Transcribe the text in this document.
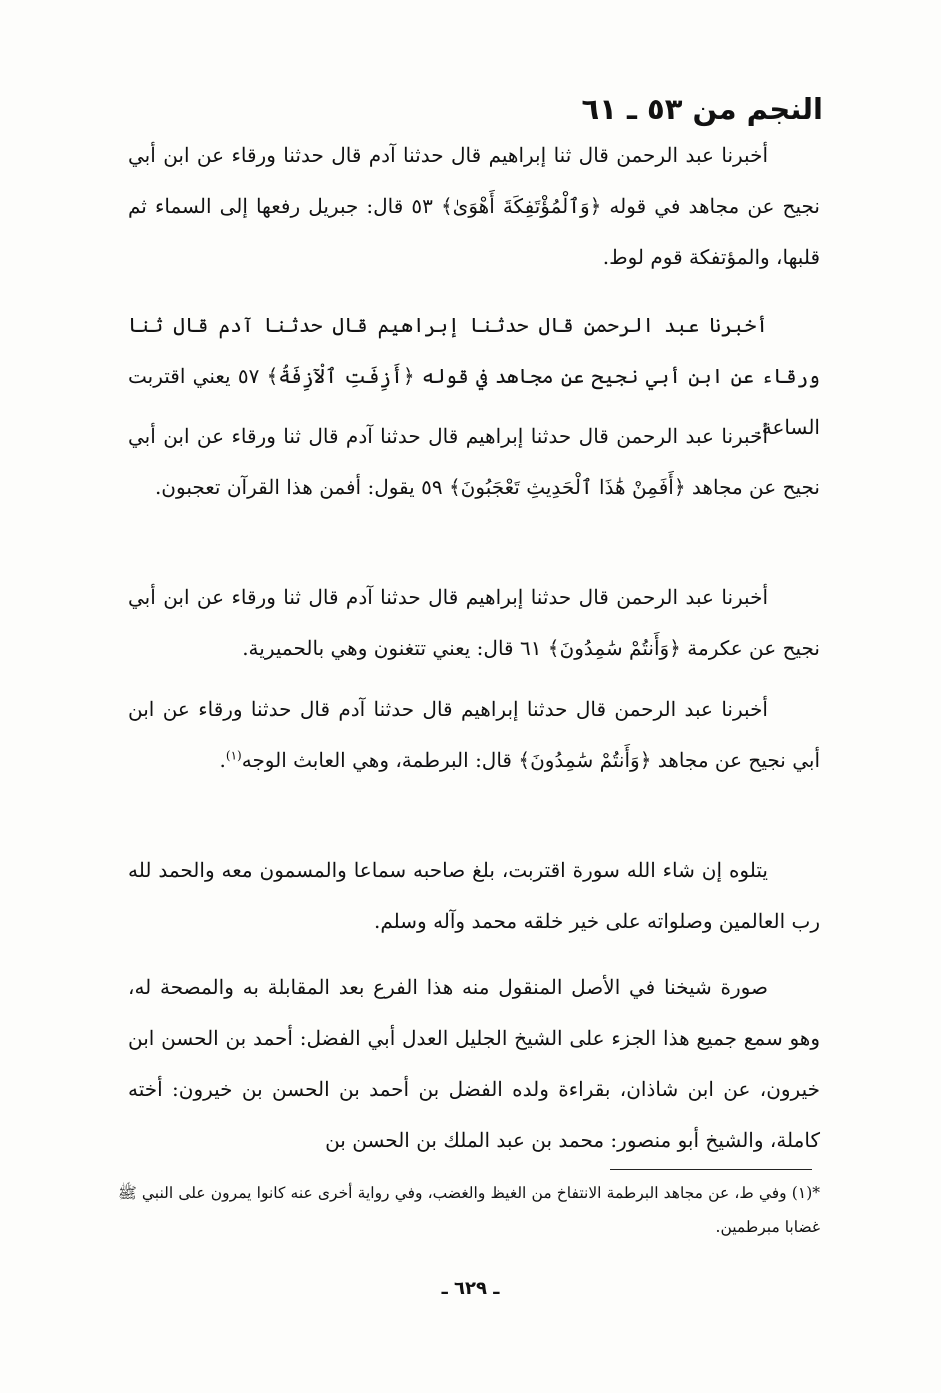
النجم من ٥٣ ـ ٦١

أخبرنا عبد الرحمن قال ثنا إبراهيم قال حدثنا آدم قال حدثنا ورقاء عن ابن أبي نجيح عن مجاهد في قوله ﴿وَٱلْمُؤْتَفِكَةَ أَهْوَىٰ﴾ ٥٣ قال: جبريل رفعها إلى السماء ثم قلبها، والمؤتفكة قوم لوط.

أخبرنا عبد الرحمن قال حدثنا إبراهيم قال حدثنا آدم قال ثنا ورقاء عن ابن أبي نجيح عن مجاهد في قوله ﴿أَزِفَتِ ٱلْآزِفَةُ﴾ ٥٧ يعني اقتربت الساعة.

أخبرنا عبد الرحمن قال حدثنا إبراهيم قال حدثنا آدم قال ثنا ورقاء عن ابن أبي نجيح عن مجاهد ﴿أَفَمِنْ هَٰذَا ٱلْحَدِيثِ تَعْجَبُونَ﴾ ٥٩ يقول: أفمن هذا القرآن تعجبون.

أخبرنا عبد الرحمن قال حدثنا إبراهيم قال حدثنا آدم قال ثنا ورقاء عن ابن أبي نجيح عن عكرمة ﴿وَأَنتُمْ سَٰمِدُونَ﴾ ٦١ قال: يعني تتغنون وهي بالحميرية.

أخبرنا عبد الرحمن قال حدثنا إبراهيم قال حدثنا آدم قال حدثنا ورقاء عن ابن أبي نجيح عن مجاهد ﴿وَأَنتُمْ سَٰمِدُونَ﴾ قال: البرطمة، وهي العابث الوجه$^{(١)}$.

يتلوه إن شاء الله سورة اقتربت، بلغ صاحبه سماعا والمسمون معه والحمد لله رب العالمين وصلواته على خير خلقه محمد وآله وسلم.

صورة شيخنا في الأصل المنقول منه هذا الفرع بعد المقابلة به والمصحة له، وهو سمع جميع هذا الجزء على الشيخ الجليل العدل أبي الفضل: أحمد بن الحسن ابن خيرون، عن ابن شاذان، بقراءة ولده الفضل بن أحمد بن الحسن بن خيرون: أخته كاملة، والشيخ أبو منصور: محمد بن عبد الملك بن الحسن بن

*(١) وفي ط، عن مجاهد البرطمة الانتفاخ من الغيظ والغضب، وفي رواية أخرى عنه كانوا يمرون على النبي ﷺ غضابا مبرطمين.

ـ ٦٢٩ ـ
